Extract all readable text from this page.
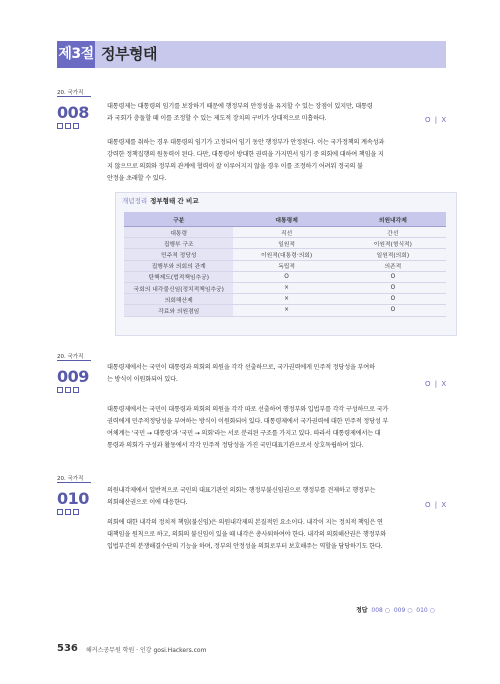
제3절 정부형태
20. 국가직
008	대통령제는 대통령의 임기를 보장하기 때문에 행정부의 안정성을 유지할 수 있는 장점이 있지만, 대통령
과 국회가 충돌할 때 이를 조정할 수 있는 제도적 장치의 구비가 상대적으로 미흡하다.	O | X
대통령제를 취하는 경우 대통령의 임기가 고정되어 임기 동안 행정부가 안정된다. 이는 국가정책의 계속성과
강력한 정책집행의 원동력이 된다. 다만, 대통령이 방대한 권력을 가지면서 임기 중 의회에 대하여 책임을 지
지 않으므로 의회와 정부의 관계에 협력이 잘 이루어지지 않을 경우 이를 조정하기 어려워 정국의 불
안정을 초래할 수 있다.
개념정리 정부형태 간 비교
구분	대통령제	의원내각제
대통령	직선	간선
집행부 구조	일원적	이원적(형식적)
민주적 정당성	이원적(대통령·의회)	일원적(의회)
집행부와 의회의 관계	독립적	의존적
탄핵제도(법적책임추궁)	O	O
국회의 내각불신임(정치적책임추궁)	×	O
의회해산제	×	O
각료와 의원겸임	×	O
20. 국가직
009	대통령제에서는 국민이 대통령과 의회의 의원을 각각 선출하므로, 국가권력에게 민주적 정당성을 부여하
는 방식이 이원화되어 있다.
O | X
대통령제에서는 국민이 대통령과 의회의 의원을 각각 따로 선출하여 행정부와 입법부를 각각 구성하므로 국가
권력에게 민주적정당성을 부여하는 방식이 이원화되어 있다. 대통령제에서 국가권력에 대한 민주적 정당성 부
여체계는 '국민 → 대통령'과 '국민 → 의회'라는 서로 분리된 구조를 가지고 있다. 따라서 대통령제에서는 대
통령과 의회가 구성과 활동에서 각각 민주적 정당성을 가진 국민대표기관으로서 상호독립하여 있다.
20. 국가직
010	의원내각제에서 일반적으로 국민의 대표기관인 의회는 행정부불신임권으로 행정부를 견제하고 행정부는
의회해산권으로 이에 대응한다.	O | X
의회에 대한 내각의 정치적 책임(불신임)은 의원내각제의 본질적인 요소이다. 내각이 지는 정치적 책임은 연
대책임을 원칙으로 하고, 의회의 불신임이 있을 때 내각은 총사퇴하여야 한다. 내각의 의회해산권은 행정부와
입법부간의 분쟁해결수단의 기능을 하며, 정부의 안정성을 의회로부터 보호해주는 역할을 담당하기도 한다.
정답 008 ○ 009 ○ 010 ○
536 해커스공무원 학원 · 인강 gosi.Hackers.com
